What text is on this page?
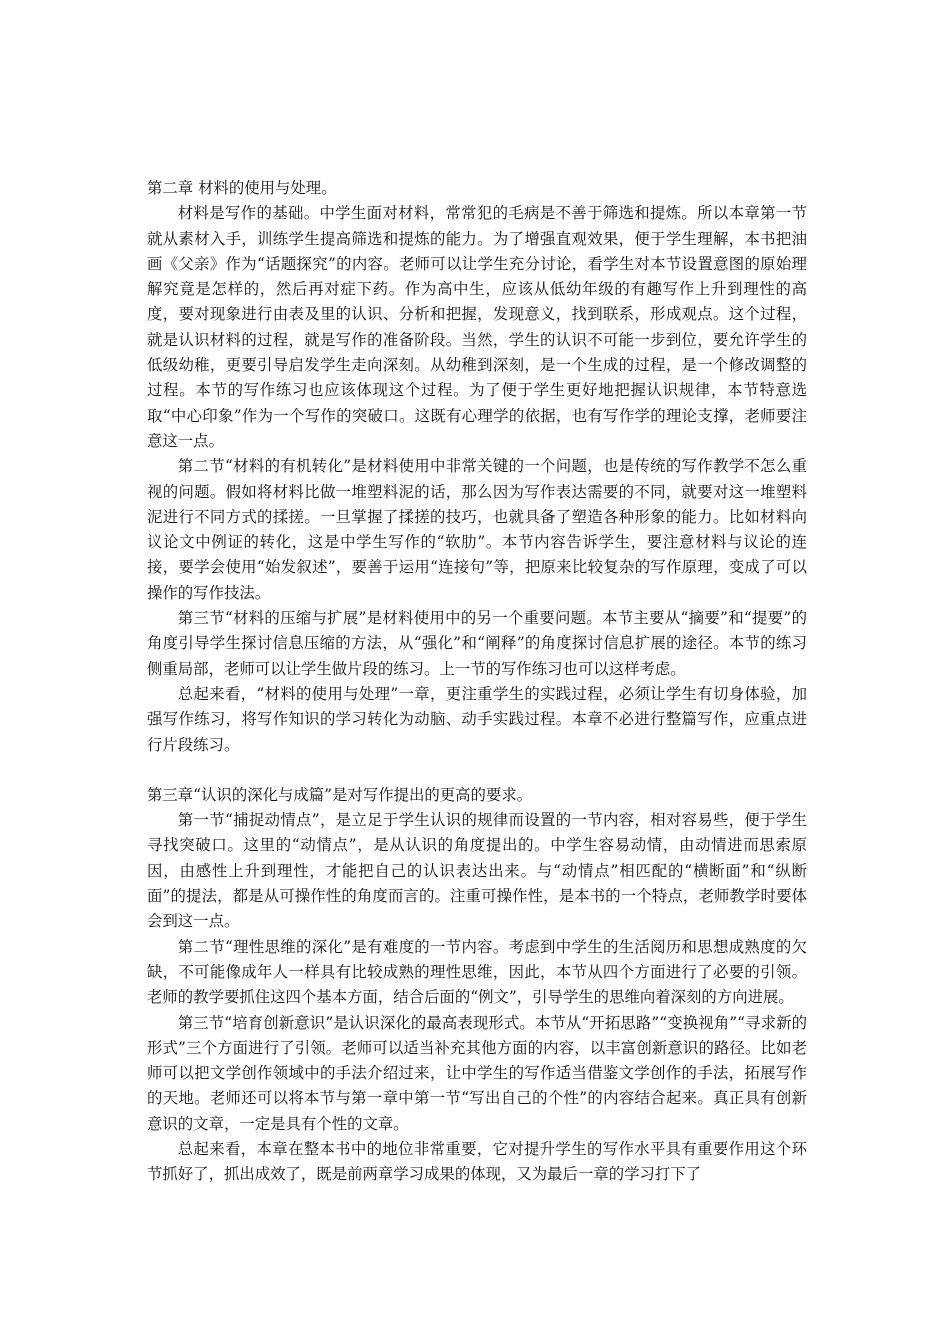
第二章 材料的使用与处理。

材料是写作的基础。中学生面对材料，常常犯的毛病是不善于筛选和提炼。所以本章第一节就从素材入手，训练学生提高筛选和提炼的能力。为了增强直观效果，便于学生理解，本书把油画《父亲》作为“话题探究”的内容。老师可以让学生充分讨论，看学生对本节设置意图的原始理解究竟是怎样的，然后再对症下药。作为高中生，应该从低幼年级的有趣写作上升到理性的高度，要对现象进行由表及里的认识、分析和把握，发现意义，找到联系，形成观点。这个过程，就是认识材料的过程，就是写作的准备阶段。当然，学生的认识不可能一步到位，要允许学生的低级幼稚，更要引导启发学生走向深刻。从幼稚到深刻，是一个生成的过程，是一个修改调整的过程。本节的写作练习也应该体现这个过程。为了便于学生更好地把握认识规律，本节特意选取“中心印象”作为一个写作的突破口。这既有心理学的依据，也有写作学的理论支撑，老师要注意这一点。

第二节“材料的有机转化”是材料使用中非常关键的一个问题，也是传统的写作教学不怎么重视的问题。假如将材料比做一堆塑料泥的话，那么因为写作表达需要的不同，就要对这一堆塑料泥进行不同方式的揉搓。一旦掌握了揉搓的技巧，也就具备了塑造各种形象的能力。比如材料向议论文中例证的转化，这是中学生写作的“软肋”。本节内容告诉学生，要注意材料与议论的连接，要学会使用“始发叙述”，要善于运用“连接句”等，把原来比较复杂的写作原理，变成了可以操作的写作技法。

第三节“材料的压缩与扩展”是材料使用中的另一个重要问题。本节主要从“摘要”和“提要”的角度引导学生探讨信息压缩的方法，从“强化”和“阐释”的角度探讨信息扩展的途径。本节的练习侧重局部，老师可以让学生做片段的练习。上一节的写作练习也可以这样考虑。

总起来看，“材料的使用与处理”一章，更注重学生的实践过程，必须让学生有切身体验，加强写作练习，将写作知识的学习转化为动脑、动手实践过程。本章不必进行整篇写作，应重点进行片段练习。

第三章“认识的深化与成篇”是对写作提出的更高的要求。

第一节“捕捉动情点”，是立足于学生认识的规律而设置的一节内容，相对容易些，便于学生寻找突破口。这里的“动情点”，是从认识的角度提出的。中学生容易动情，由动情进而思索原因，由感性上升到理性，才能把自己的认识表达出来。与“动情点”相匹配的“横断面”和“纵断面”的提法，都是从可操作性的角度而言的。注重可操作性，是本书的一个特点，老师教学时要体会到这一点。

第二节“理性思维的深化”是有难度的一节内容。考虑到中学生的生活阅历和思想成熟度的欠缺，不可能像成年人一样具有比较成熟的理性思维，因此，本节从四个方面进行了必要的引领。老师的教学要抓住这四个基本方面，结合后面的“例文”，引导学生的思维向着深刻的方向进展。

第三节“培育创新意识”是认识深化的最高表现形式。本节从“开拓思路”“变换视角”“寻求新的形式”三个方面进行了引领。老师可以适当补充其他方面的内容，以丰富创新意识的路径。比如老师可以把文学创作领域中的手法介绍过来，让中学生的写作适当借鉴文学创作的手法，拓展写作的天地。老师还可以将本节与第一章中第一节“写出自己的个性”的内容结合起来。真正具有创新意识的文章，一定是具有个性的文章。

总起来看，本章在整本书中的地位非常重要，它对提升学生的写作水平具有重要作用这个环节抓好了，抓出成效了，既是前两章学习成果的体现，又为最后一章的学习打下了
